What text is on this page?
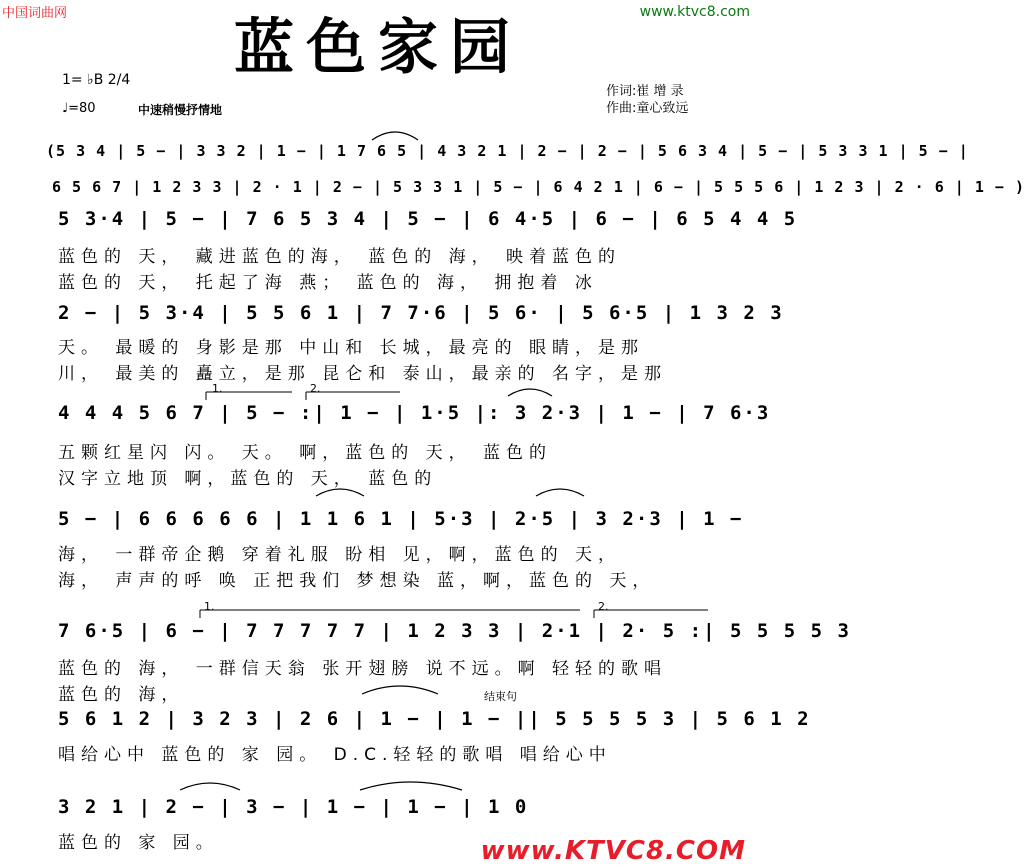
中国词曲网	www.ktvc8.com
蓝色家园
1= ♭B 2/4
♩=80	中速稍慢抒情地
作词:崔 增 录
作曲:童心致远
(5 3 4 | 5 − | 3 3 2 | 1 − | 1 7 6 5 | 4 3 2 1 | 2 − | 2 − | 5 6 3 4 | 5 − | 5 3 3 1 | 5 − |
6 5 6 7 | 1 2 3 3 | 2 · 1 | 2 − | 5 3 3 1 | 5 − | 6 4 2 1 | 6 − | 5 5 5 6 | 1 2 3 | 2 · 6 | 1 − )
5 3·4 | 5 − | 7 6 5 3 4 | 5 − | 6 4·5 | 6 − | 6 5 4 4 5
蓝色的 天， 藏进蓝色的海， 蓝色的 海， 映着蓝色的
蓝色的 天， 托起了海 燕； 蓝色的 海， 拥抱着 冰
2 − | 5 3·4 | 5 5 6 1 | 7 7·6 | 5 6· | 5 6·5 | 1 3 2 3
天。 最暖的 身影是那 中山和 长城，最亮的 眼睛，是那
川， 最美的 矗立，是那 昆仑和 泰山，最亲的 名字，是那
1.	2.
4 4 4 5 6 7 | 5 − :| 1 − | 1·5 |: 3 2·3 | 1 − | 7 6·3
五颗红星闪 闪。 天。 啊，蓝色的 天， 蓝色的
汉字立地顶 啊，蓝色的 天， 蓝色的
5 − | 6 6 6 6 6 | 1 1 6 1 | 5·3 | 2·5 | 3 2·3 | 1 −
海， 一群帝企鹅 穿着礼服 盼相 见，啊，蓝色的 天，
海， 声声的呼 唤 正把我们 梦想染 蓝，啊，蓝色的 天，
1.	2.
7 6·5 | 6 − | 7 7 7 7 7 | 1 2 3 3 | 2·1 | 2· 5 :| 5 5 5 5 3
蓝色的 海， 一群信天翁 张开翅膀 说不远。啊 轻轻的歌唱
蓝色的 海，	结束句
5 6 1 2 | 3 2 3 | 2 6 | 1 − | 1 − || 5 5 5 5 3 | 5 6 1 2
唱给心中 蓝色的 家 园。 D.C.轻轻的歌唱 唱给心中
3 2 1 | 2 − | 3 − | 1 − | 1 − | 1 0
蓝色的 家 园。	www.KTVC8.COM
